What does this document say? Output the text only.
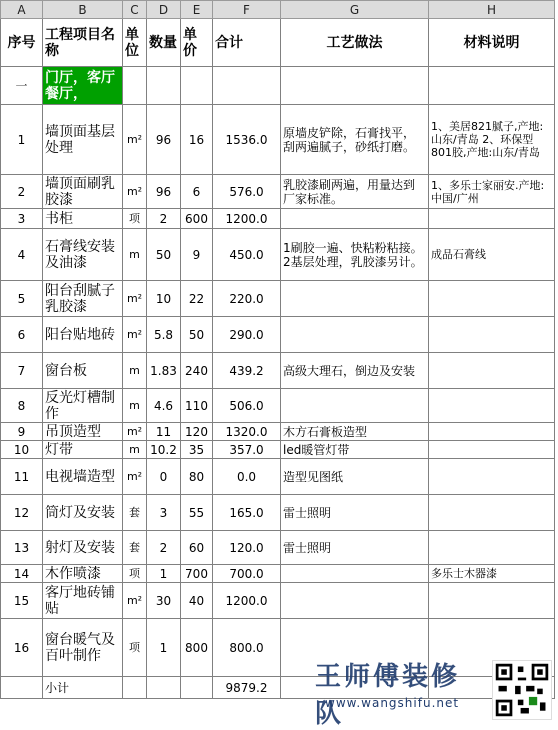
A	B	C	D	E	F	G	H
序号	工程项目名称	单位	数量	单价	合计	工艺做法	材料说明
一	门厅，客厅餐厅，						
1	墙顶面基层处理	m²	96	16	1536.0	原墙皮铲除，石膏找平，刮两遍腻子，砂纸打磨。	1、美居821腻子,产地:山东/青岛 2、环保型801胶,产地:山东/青岛
2	墙顶面刷乳胶漆	m²	96	6	576.0	乳胶漆刷两遍，用量达到厂家标准。	1、多乐士家丽安.产地:中国/广州
3	书柜	项	2	600	1200.0		
4	石膏线安装及油漆	m	50	9	450.0	1刷胶一遍、快粘粉粘接。2基层处理，乳胶漆另计。	成品石膏线
5	阳台刮腻子乳胶漆	m²	10	22	220.0		
6	阳台贴地砖	m²	5.8	50	290.0		
7	窗台板	m	1.83	240	439.2	高级大理石，倒边及安装	
8	反光灯槽制作	m	4.6	110	506.0		
9	吊顶造型	m²	11	120	1320.0	木方石膏板造型	
10	灯带	m	10.2	35	357.0	led暖管灯带	
11	电视墙造型	m²	0	80	0.0	造型见图纸	
12	筒灯及安装	套	3	55	165.0	雷士照明	
13	射灯及安装	套	2	60	120.0	雷士照明	
14	木作喷漆	项	1	700	700.0		多乐士木器漆
15	客厅地砖铺贴	m²	30	40	1200.0		
16	窗台暖气及百叶制作	项	1	800	800.0		
	小计				9879.2		王师傅装修队
www.wangshifu.net
